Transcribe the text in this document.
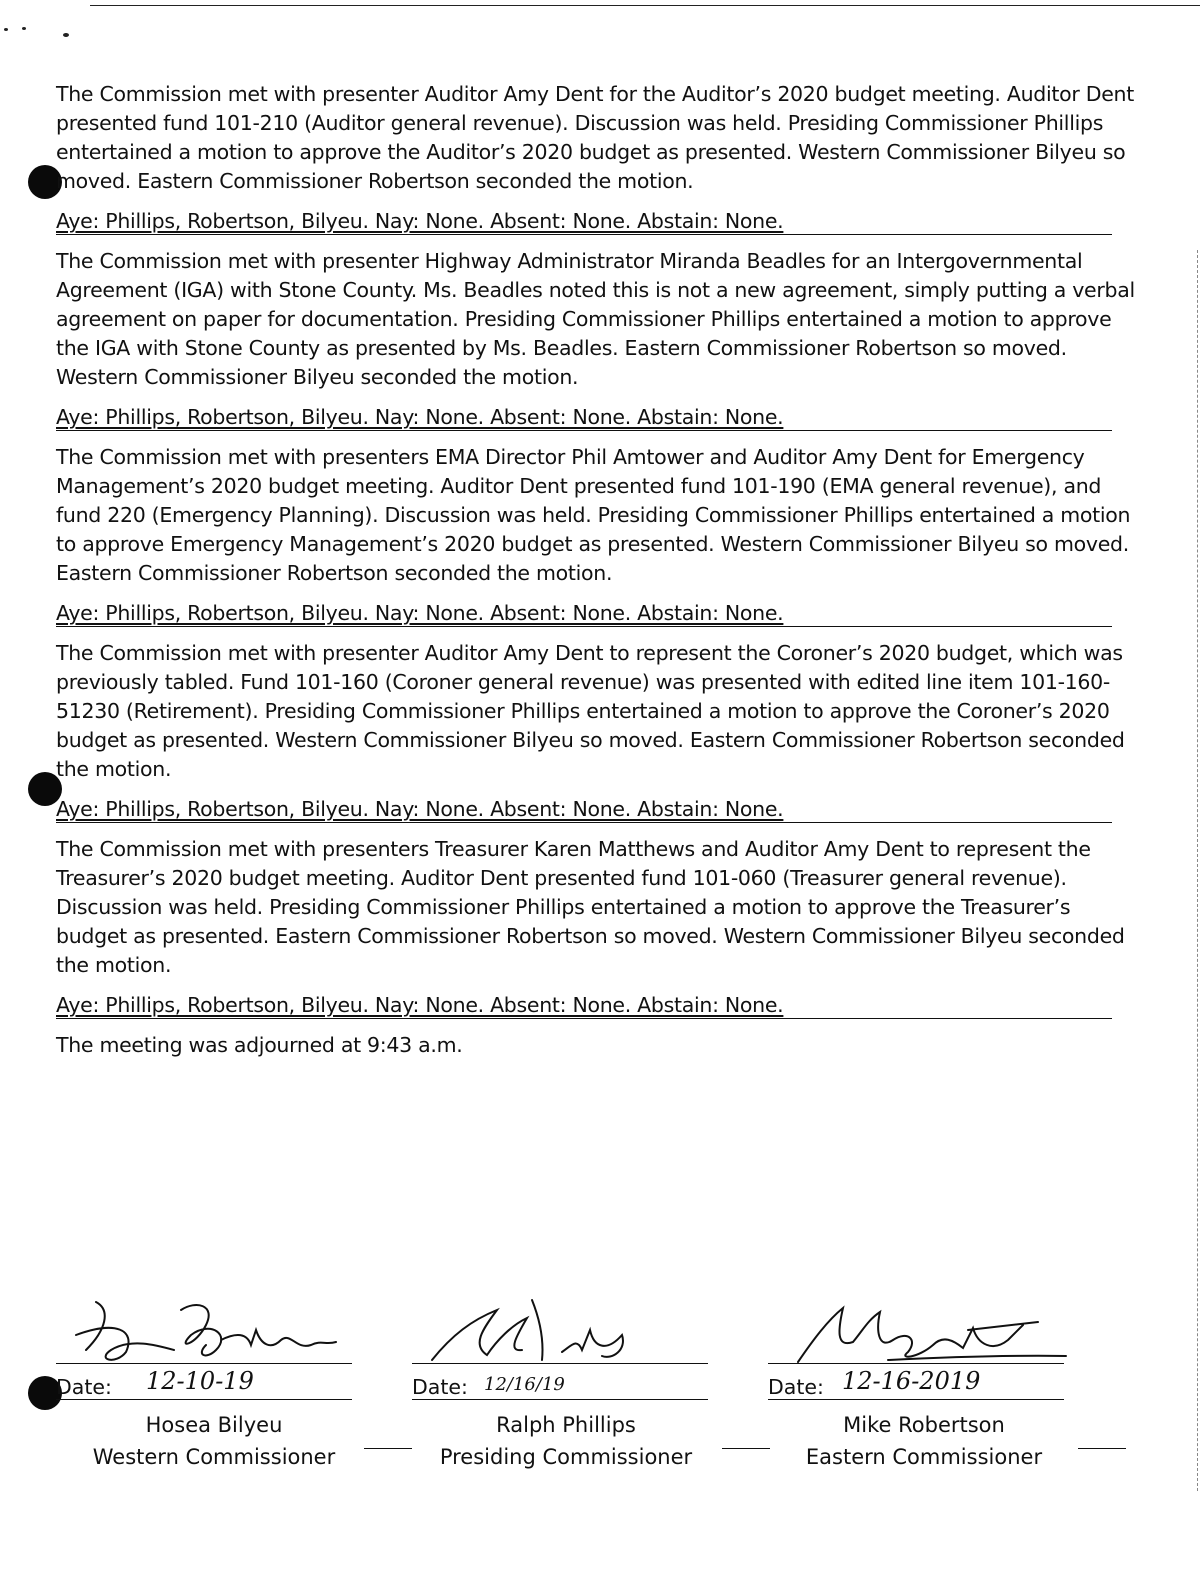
The Commission met with presenter Auditor Amy Dent for the Auditor’s 2020 budget meeting. Auditor Dent presented fund 101-210 (Auditor general revenue). Discussion was held. Presiding Commissioner Phillips entertained a motion to approve the Auditor’s 2020 budget as presented. Western Commissioner Bilyeu so moved. Eastern Commissioner Robertson seconded the motion.

Aye: Phillips, Robertson, Bilyeu. Nay: None. Absent: None. Abstain: None.

The Commission met with presenter Highway Administrator Miranda Beadles for an Intergovernmental Agreement (IGA) with Stone County. Ms. Beadles noted this is not a new agreement, simply putting a verbal agreement on paper for documentation. Presiding Commissioner Phillips entertained a motion to approve the IGA with Stone County as presented by Ms. Beadles. Eastern Commissioner Robertson so moved. Western Commissioner Bilyeu seconded the motion.

Aye: Phillips, Robertson, Bilyeu. Nay: None. Absent: None. Abstain: None.

The Commission met with presenters EMA Director Phil Amtower and Auditor Amy Dent for Emergency Management’s 2020 budget meeting. Auditor Dent presented fund 101-190 (EMA general revenue), and fund 220 (Emergency Planning). Discussion was held. Presiding Commissioner Phillips entertained a motion to approve Emergency Management’s 2020 budget as presented. Western Commissioner Bilyeu so moved. Eastern Commissioner Robertson seconded the motion.

Aye: Phillips, Robertson, Bilyeu. Nay: None. Absent: None. Abstain: None.

The Commission met with presenter Auditor Amy Dent to represent the Coroner’s 2020 budget, which was previously tabled. Fund 101-160 (Coroner general revenue) was presented with edited line item 101-160-51230 (Retirement). Presiding Commissioner Phillips entertained a motion to approve the Coroner’s 2020 budget as presented. Western Commissioner Bilyeu so moved. Eastern Commissioner Robertson seconded the motion.

Aye: Phillips, Robertson, Bilyeu. Nay: None. Absent: None. Abstain: None.

The Commission met with presenters Treasurer Karen Matthews and Auditor Amy Dent to represent the Treasurer’s 2020 budget meeting. Auditor Dent presented fund 101-060 (Treasurer general revenue). Discussion was held. Presiding Commissioner Phillips entertained a motion to approve the Treasurer’s budget as presented. Eastern Commissioner Robertson so moved. Western Commissioner Bilyeu seconded the motion.

Aye: Phillips, Robertson, Bilyeu. Nay: None. Absent: None. Abstain: None.
The meeting was adjourned at 9:43 a.m.
Date: 12-10-19
Hosea Bilyeu
Western Commissioner
Date: 12/16/19
Ralph Phillips
Presiding Commissioner
Date: 12-16-2019
Mike Robertson
Eastern Commissioner
